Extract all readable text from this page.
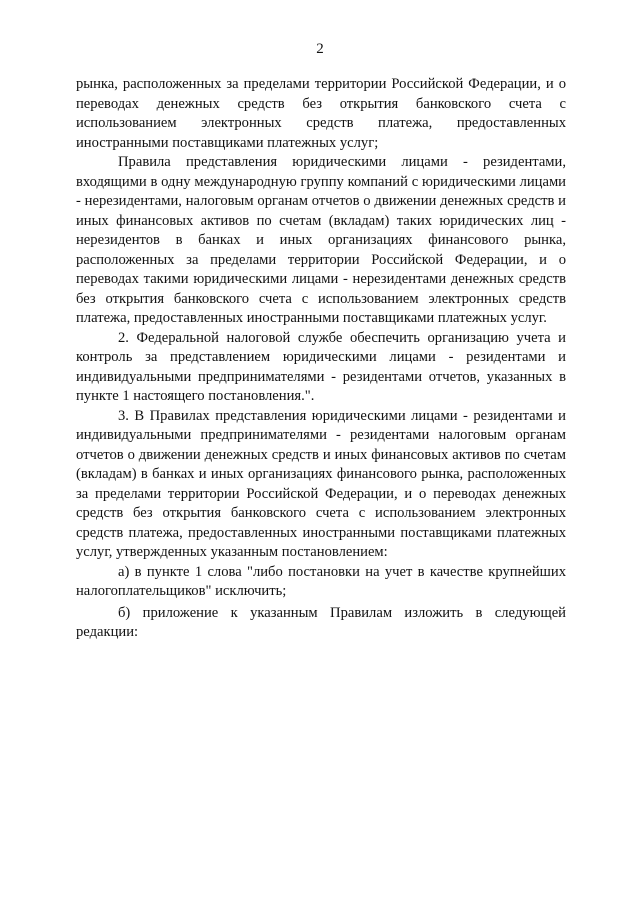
2

рынка, расположенных за пределами территории Российской Федерации, и о переводах денежных средств без открытия банковского счета с использованием электронных средств платежа, предоставленных иностранными поставщиками платежных услуг;

Правила представления юридическими лицами - резидентами, входящими в одну международную группу компаний с юридическими лицами - нерезидентами, налоговым органам отчетов о движении денежных средств и иных финансовых активов по счетам (вкладам) таких юридических лиц - нерезидентов в банках и иных организациях финансового рынка, расположенных за пределами территории Российской Федерации, и о переводах такими юридическими лицами - нерезидентами денежных средств без открытия банковского счета с использованием электронных средств платежа, предоставленных иностранными поставщиками платежных услуг.

2. Федеральной налоговой службе обеспечить организацию учета и контроль за представлением юридическими лицами - резидентами и индивидуальными предпринимателями - резидентами отчетов, указанных в пункте 1 настоящего постановления.".

3. В Правилах представления юридическими лицами - резидентами и индивидуальными предпринимателями - резидентами налоговым органам отчетов о движении денежных средств и иных финансовых активов по счетам (вкладам) в банках и иных организациях финансового рынка, расположенных за пределами территории Российской Федерации, и о переводах денежных средств без открытия банковского счета с использованием электронных средств платежа, предоставленных иностранными поставщиками платежных услуг, утвержденных указанным постановлением:

а) в пункте 1 слова "либо постановки на учет в качестве крупнейших налогоплательщиков" исключить;

б) приложение к указанным Правилам изложить в следующей редакции:
